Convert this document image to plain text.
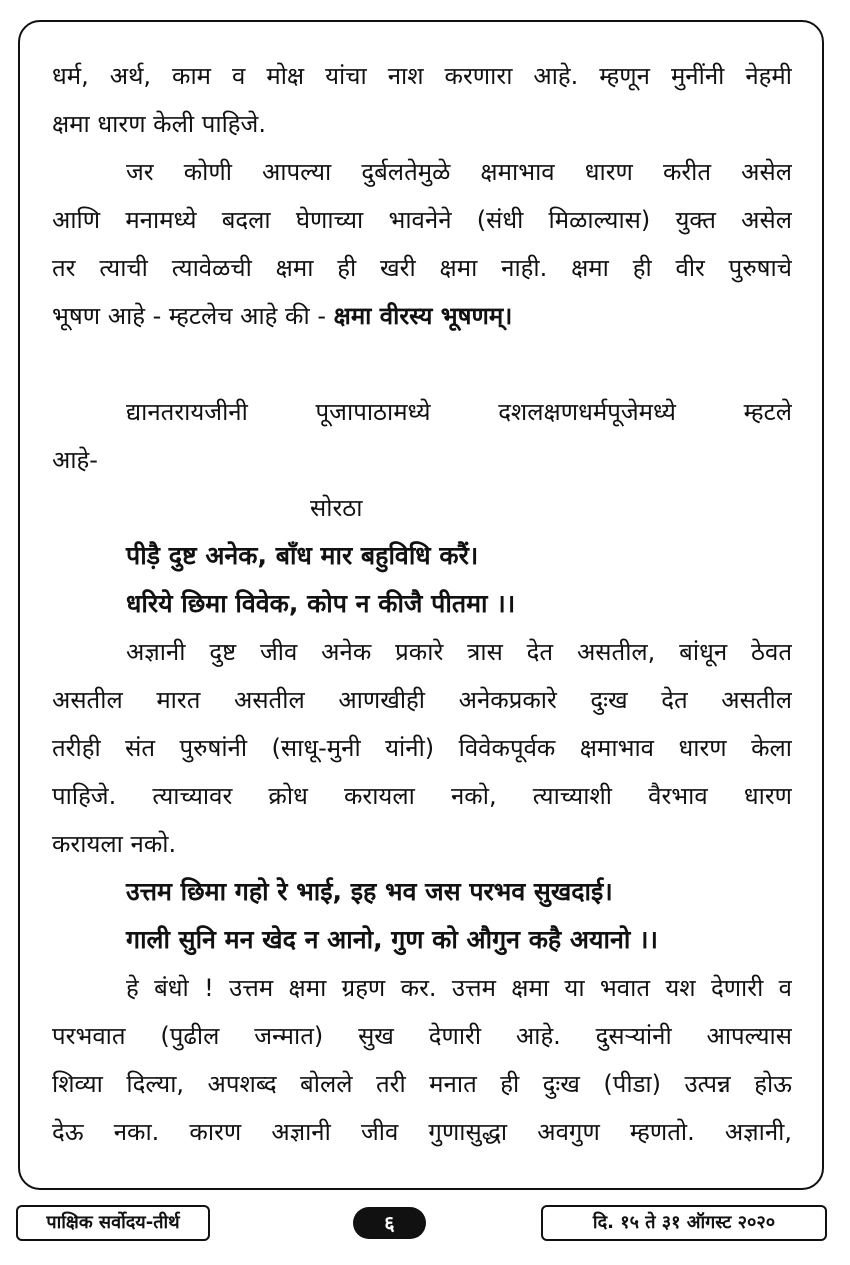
धर्म, अर्थ, काम व मोक्ष यांचा नाश करणारा आहे. म्हणून मुनींनी नेहमी
क्षमा धारण केली पाहिजे.
जर कोणी आपल्या दुर्बलतेमुळे क्षमाभाव धारण करीत असेल
आणि मनामध्ये बदला घेणाच्या भावनेने (संधी मिळाल्यास) युक्त असेल
तर त्याची त्यावेळची क्षमा ही खरी क्षमा नाही. क्षमा ही वीर पुरुषाचे
भूषण आहे - म्हटलेच आहे की - क्षमा वीरस्य भूषणम्।
द्यानतरायजीनी पूजापाठामध्ये दशलक्षणधर्मपूजेमध्ये म्हटले
आहे-
सोरठा
पीड़ै दुष्ट अनेक, बाँध मार बहुविधि करैं।
धरिये छिमा विवेक, कोप न कीजै पीतमा ।।
अज्ञानी दुष्ट जीव अनेक प्रकारे त्रास देत असतील, बांधून ठेवत
असतील मारत असतील आणखीही अनेकप्रकारे दुःख देत असतील
तरीही संत पुरुषांनी (साधू-मुनी यांनी) विवेकपूर्वक क्षमाभाव धारण केला
पाहिजे. त्याच्यावर क्रोध करायला नको, त्याच्याशी वैरभाव धारण
करायला नको.
उत्तम छिमा गहो रे भाई, इह भव जस परभव सुखदाई।
गाली सुनि मन खेद न आनो, गुण को औगुन कहै अयानो ।।
हे बंधो ! उत्तम क्षमा ग्रहण कर. उत्तम क्षमा या भवात यश देणारी व
परभवात (पुढील जन्मात) सुख देणारी आहे. दुसऱ्यांनी आपल्यास
शिव्या दिल्या, अपशब्द बोलले तरी मनात ही दुःख (पीडा) उत्पन्न होऊ
देऊ नका. कारण अज्ञानी जीव गुणासुद्धा अवगुण म्हणतो. अज्ञानी,
पाक्षिक सर्वोदय-तीर्थ	६	दि. १५ ते ३१ ऑगस्ट २०२०
